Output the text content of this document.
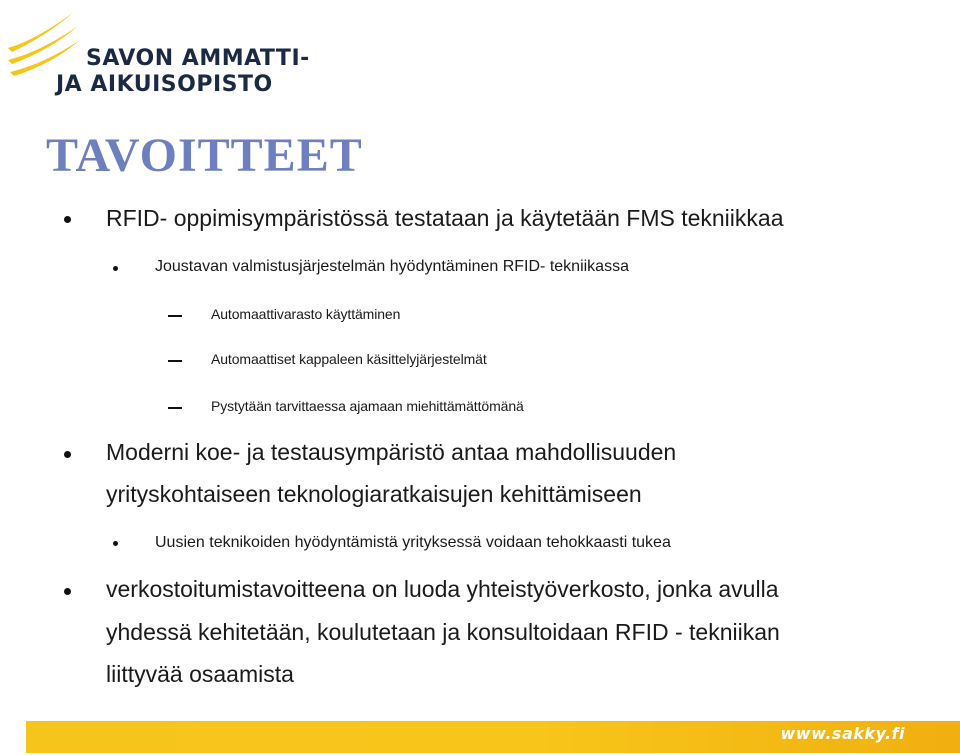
SAVON AMMATTI-
JA AIKUISOPISTO
TAVOITTEET
RFID- oppimisympäristössä testataan ja käytetään FMS tekniikkaa
Joustavan valmistusjärjestelmän hyödyntäminen RFID- tekniikassa
Automaattivarasto käyttäminen
Automaattiset kappaleen käsittelyjärjestelmät
Pystytään tarvittaessa ajamaan miehittämättömänä
Moderni koe- ja testausympäristö antaa mahdollisuuden
yrityskohtaiseen teknologiaratkaisujen kehittämiseen
Uusien teknikoiden hyödyntämistä yrityksessä voidaan tehokkaasti tukea
verkostoitumistavoitteena on luoda yhteistyöverkosto, jonka avulla
yhdessä kehitetään, koulutetaan ja konsultoidaan RFID - tekniikan
liittyvää osaamista
www.sakky.fi
